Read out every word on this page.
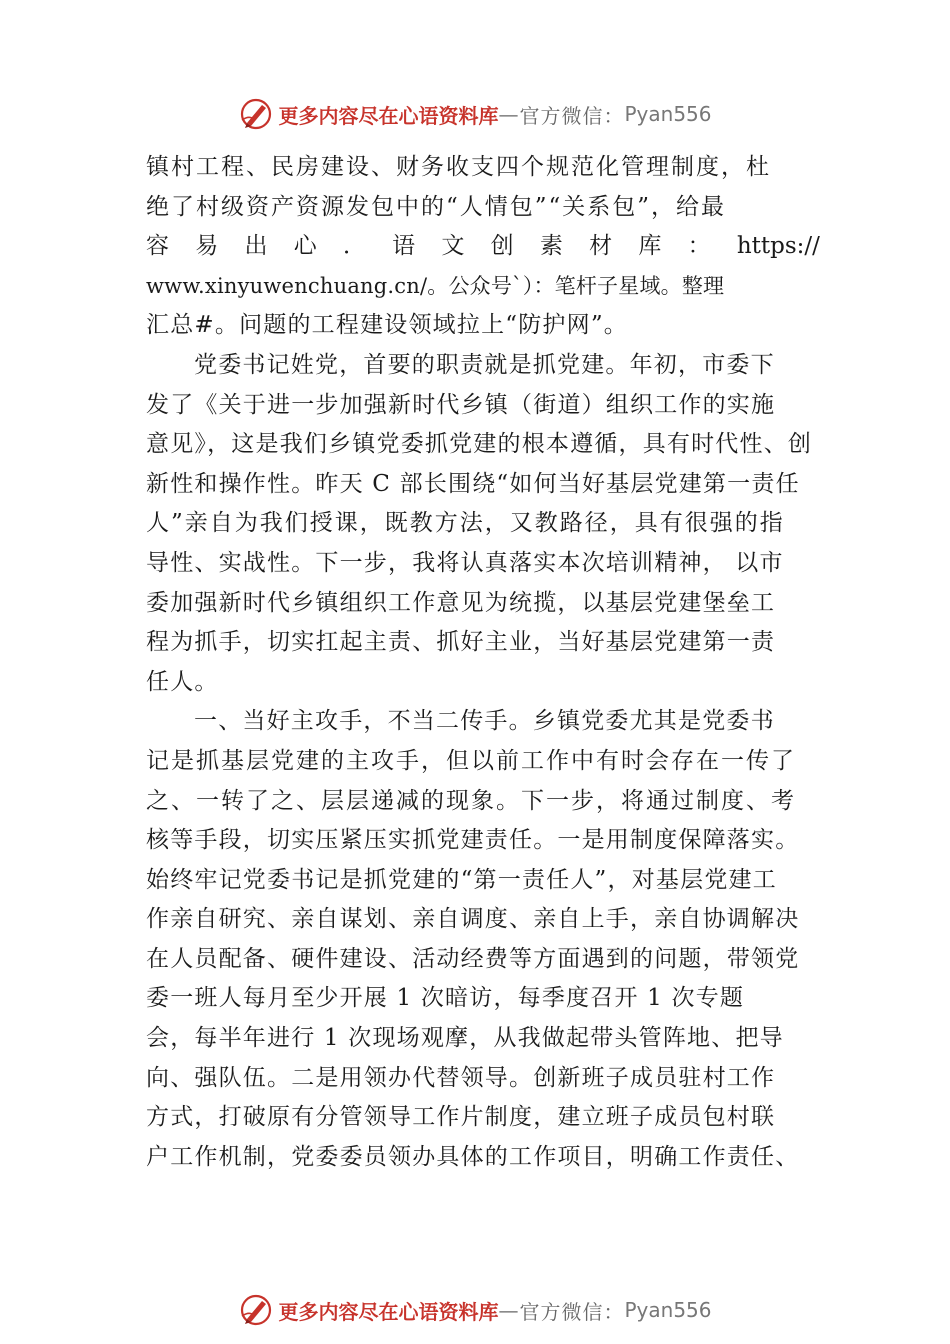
更多内容尽在心语资料库 — 官方微信： Pyan556
镇村工程、民房建设、财务收支四个规范化管理制度，杜
绝了村级资产资源发包中的“人情包”“关系包”，给最
容 易 出 心 ． 语 文 创 素 材 库 ： https://
www.xinyuwenchuang.cn/。公众号`）：笔杆子星域。整理
汇总#。问题的工程建设领域拉上“防护网”。
党委书记姓党，首要的职责就是抓党建。年初，市委下
发了《关于进一步加强新时代乡镇（街道）组织工作的实施
意见》，这是我们乡镇党委抓党建的根本遵循，具有时代性、创
新性和操作性。昨天 C 部长围绕“如何当好基层党建第一责任
人”亲自为我们授课，既教方法，又教路径，具有很强的指
导性、实战性。下一步，我将认真落实本次培训精神， 以市
委加强新时代乡镇组织工作意见为统揽，以基层党建堡垒工
程为抓手，切实扛起主责、抓好主业，当好基层党建第一责
任人。
一、当好主攻手，不当二传手。乡镇党委尤其是党委书
记是抓基层党建的主攻手，但以前工作中有时会存在一传了
之、一转了之、层层递减的现象。下一步，将通过制度、考
核等手段，切实压紧压实抓党建责任。一是用制度保障落实。
始终牢记党委书记是抓党建的“第一责任人”，对基层党建工
作亲自研究、亲自谋划、亲自调度、亲自上手，亲自协调解决
在人员配备、硬件建设、活动经费等方面遇到的问题，带领党
委一班人每月至少开展 1 次暗访，每季度召开 1 次专题
会，每半年进行 1 次现场观摩，从我做起带头管阵地、把导
向、强队伍。二是用领办代替领导。创新班子成员驻村工作
方式，打破原有分管领导工作片制度，建立班子成员包村联
户工作机制，党委委员领办具体的工作项目，明确工作责任、
更多内容尽在心语资料库 — 官方微信： Pyan556
